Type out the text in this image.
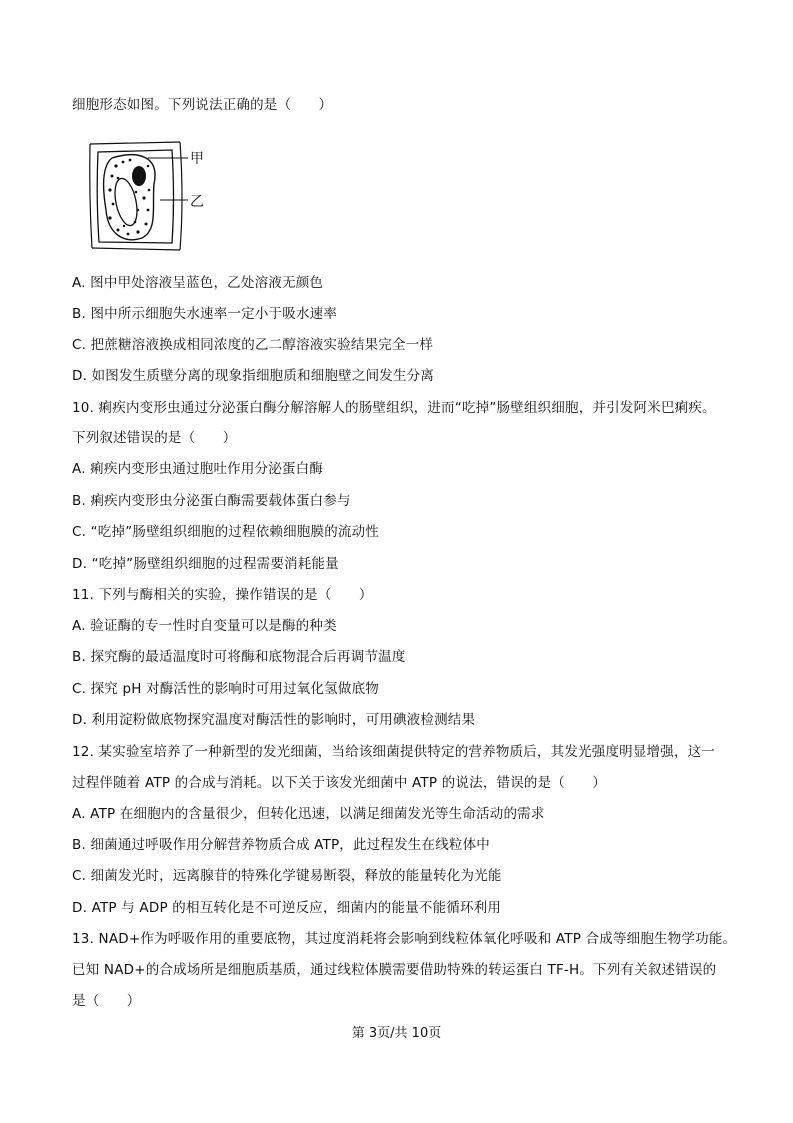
细胞形态如图。下列说法正确的是（　　）
甲
乙
A. 图中甲处溶液呈蓝色，乙处溶液无颜色
B. 图中所示细胞失水速率一定小于吸水速率
C. 把蔗糖溶液换成相同浓度的乙二醇溶液实验结果完全一样
D. 如图发生质壁分离的现象指细胞质和细胞壁之间发生分离
10. 痢疾内变形虫通过分泌蛋白酶分解溶解人的肠壁组织，进而“吃掉”肠壁组织细胞，并引发阿米巴痢疾。
下列叙述错误的是（　　）
A. 痢疾内变形虫通过胞吐作用分泌蛋白酶
B. 痢疾内变形虫分泌蛋白酶需要载体蛋白参与
C. “吃掉”肠壁组织细胞的过程依赖细胞膜的流动性
D. “吃掉”肠壁组织细胞的过程需要消耗能量
11. 下列与酶相关的实验，操作错误的是（　　）
A. 验证酶的专一性时自变量可以是酶的种类
B. 探究酶的最适温度时可将酶和底物混合后再调节温度
C. 探究 pH 对酶活性的影响时可用过氧化氢做底物
D. 利用淀粉做底物探究温度对酶活性的影响时，可用碘液检测结果
12. 某实验室培养了一种新型的发光细菌，当给该细菌提供特定的营养物质后，其发光强度明显增强，这一
过程伴随着 ATP 的合成与消耗。以下关于该发光细菌中 ATP 的说法，错误的是（　　）
A. ATP 在细胞内的含量很少，但转化迅速，以满足细菌发光等生命活动的需求
B. 细菌通过呼吸作用分解营养物质合成 ATP，此过程发生在线粒体中
C. 细菌发光时，远离腺苷的特殊化学键易断裂，释放的能量转化为光能
D. ATP 与 ADP 的相互转化是不可逆反应，细菌内的能量不能循环利用
13. NAD+作为呼吸作用的重要底物，其过度消耗将会影响到线粒体氧化呼吸和 ATP 合成等细胞生物学功能。
已知 NAD+的合成场所是细胞质基质，通过线粒体膜需要借助特殊的转运蛋白 TF-H。下列有关叙述错误的
是（　　）
第 3页/共 10页
